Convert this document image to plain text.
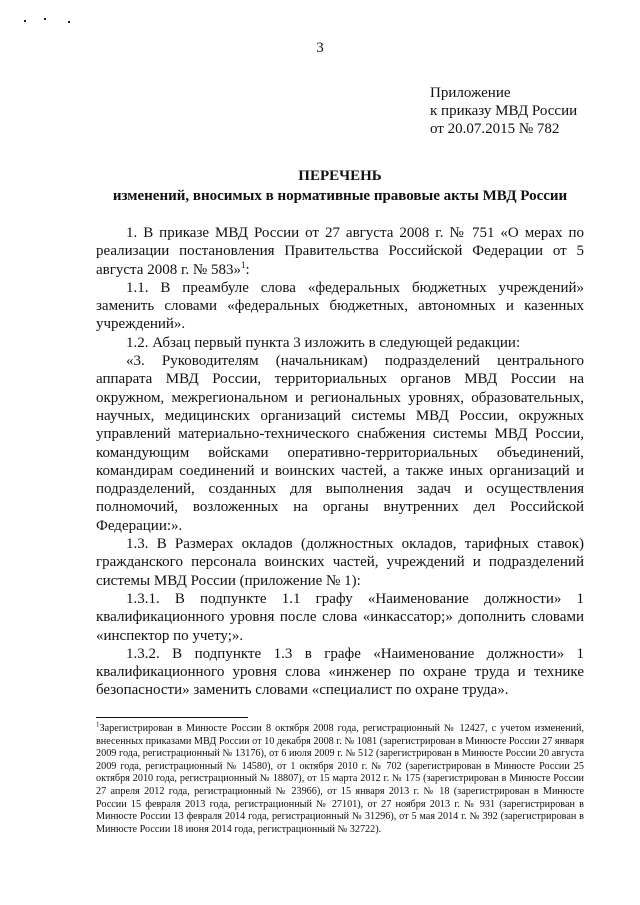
3
Приложение
к приказу МВД России
от 20.07.2015 № 782
ПЕРЕЧЕНЬ
изменений, вносимых в нормативные правовые акты МВД России

1. В приказе МВД России от 27 августа 2008 г. № 751 «О мерах по реализации постановления Правительства Российской Федерации от 5 августа 2008 г. № 583»$^1$:

1.1. В преамбуле слова «федеральных бюджетных учреждений» заменить словами «федеральных бюджетных, автономных и казенных учреждений».

1.2. Абзац первый пункта 3 изложить в следующей редакции:

«3. Руководителям (начальникам) подразделений центрального аппарата МВД России, территориальных органов МВД России на окружном, межрегиональном и региональных уровнях, образовательных, научных, медицинских организаций системы МВД России, окружных управлений материально-технического снабжения системы МВД России, командующим войсками оперативно-территориальных объединений, командирам соединений и воинских частей, а также иных организаций и подразделений, созданных для выполнения задач и осуществления полномочий, возложенных на органы внутренних дел Российской Федерации:».

1.3. В Размерах окладов (должностных окладов, тарифных ставок) гражданского персонала воинских частей, учреждений и подразделений системы МВД России (приложение № 1):

1.3.1. В подпункте 1.1 графу «Наименование должности» 1 квалификационного уровня после слова «инкассатор;» дополнить словами «инспектор по учету;».

1.3.2. В подпункте 1.3 в графе «Наименование должности» 1 квалификационного уровня слова «инженер по охране труда и технике безопасности» заменить словами «специалист по охране труда».

$^1$Зарегистрирован в Минюсте России 8 октября 2008 года, регистрационный № 12427, с учетом изменений, внесенных приказами МВД России от 10 декабря 2008 г. № 1081 (зарегистрирован в Минюсте России 27 января 2009 года, регистрационный № 13176), от 6 июля 2009 г. № 512 (зарегистрирован в Минюсте России 20 августа 2009 года, регистрационный № 14580), от 1 октября 2010 г. № 702 (зарегистрирован в Минюсте России 25 октября 2010 года, регистрационный № 18807), от 15 марта 2012 г. № 175 (зарегистрирован в Минюсте России 27 апреля 2012 года, регистрационный № 23966), от 15 января 2013 г. № 18 (зарегистрирован в Минюсте России 15 февраля 2013 года, регистрационный № 27101), от 27 ноября 2013 г. № 931 (зарегистрирован в Минюсте России 13 февраля 2014 года, регистрационный № 31296), от 5 мая 2014 г. № 392 (зарегистрирован в Минюсте России 18 июня 2014 года, регистрационный № 32722).
